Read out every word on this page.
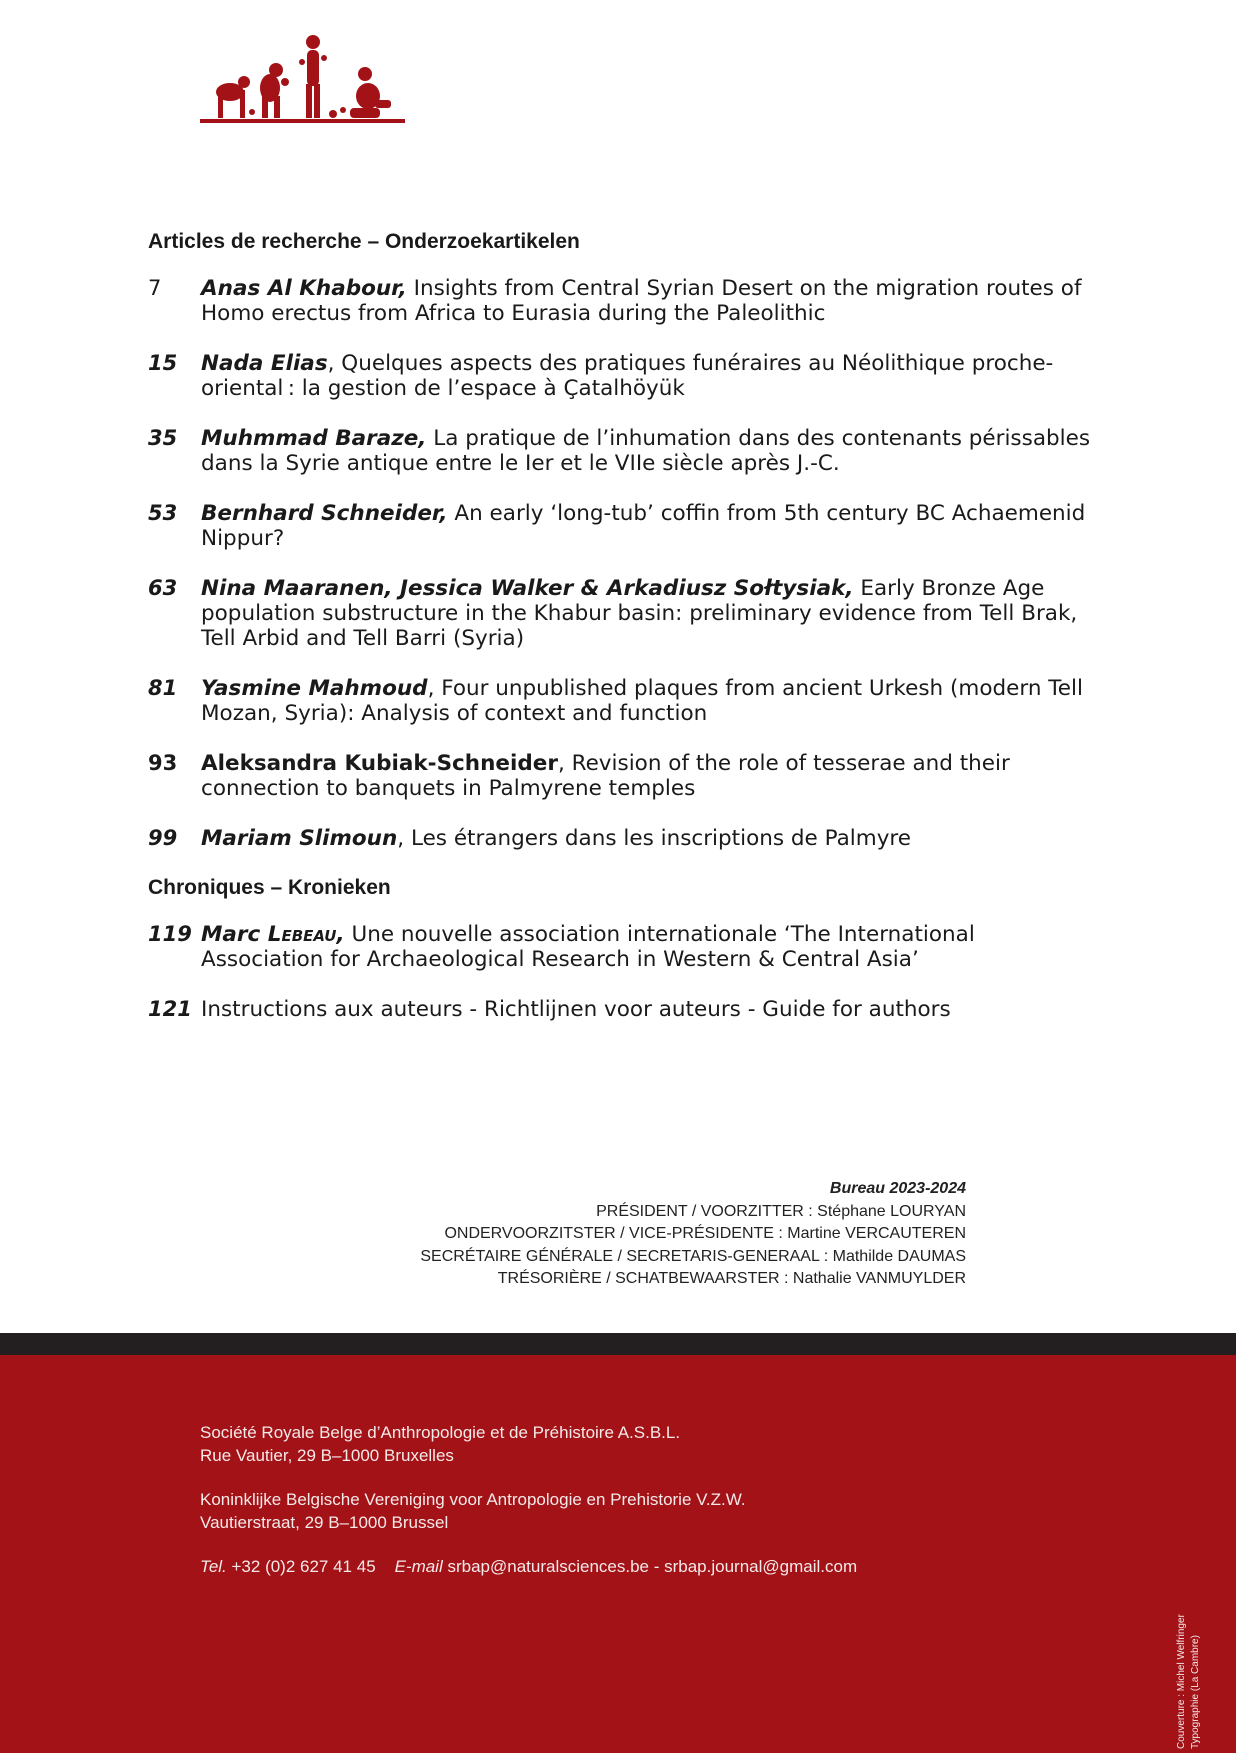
Articles de recherche – Onderzoekartikelen
7	Anas Al Khabour, Insights from Central Syrian Desert on the migration routes of Homo erectus from Africa to Eurasia during the Paleolithic
15	Nada Elias, Quelques aspects des pratiques funéraires au Néolithique proche-oriental : la gestion de l’espace à Çatalhöyük
35	Muhmmad Baraze, La pratique de l’inhumation dans des contenants périssables dans la Syrie antique entre le Ier et le VIIe siècle après J.-C.
53	Bernhard Schneider, An early ‘long-tub’ coffin from 5th century BC Achaemenid Nippur?
63	Nina Maaranen, Jessica Walker & Arkadiusz Sołtysiak, Early Bronze Age population substructure in the Khabur basin: preliminary evidence from Tell Brak, Tell Arbid and Tell Barri (Syria)
81	Yasmine Mahmoud, Four unpublished plaques from ancient Urkesh (modern Tell Mozan, Syria): Analysis of context and function
93	Aleksandra Kubiak-Schneider, Revision of the role of tesserae and their connection to banquets in Palmyrene temples
99	Mariam Slimoun, Les étrangers dans les inscriptions de Palmyre
Chroniques – Kronieken
119 Marc Lebeau, Une nouvelle association internationale ‘The International Association for Archaeological Research in Western & Central Asia’
121 Instructions aux auteurs - Richtlijnen voor auteurs - Guide for authors
Bureau 2023-2024
PRÉSIDENT / VOORZITTER : Stéphane LOURYAN
ONDERVOORZITSTER / VICE-PRÉSIDENTE : Martine VERCAUTEREN
SECRÉTAIRE GÉNÉRALE / SECRETARIS-GENERAAL : Mathilde DAUMAS
TRÉSORIÈRE / SCHATBEWAARSTER : Nathalie VANMUYLDER

Société Royale Belge d’Anthropologie et de Préhistoire A.S.B.L.
Rue Vautier, 29 B–1000 Bruxelles

Koninklijke Belgische Vereniging voor Antropologie en Prehistorie V.Z.W.
Vautierstraat, 29 B–1000 Brussel

Tel. +32 (0)2 627 41 45 E-mail srbap@naturalsciences.be - srbap.journal@gmail.com

Couverture : Michel Welfringer Typographie (La Cambre)
